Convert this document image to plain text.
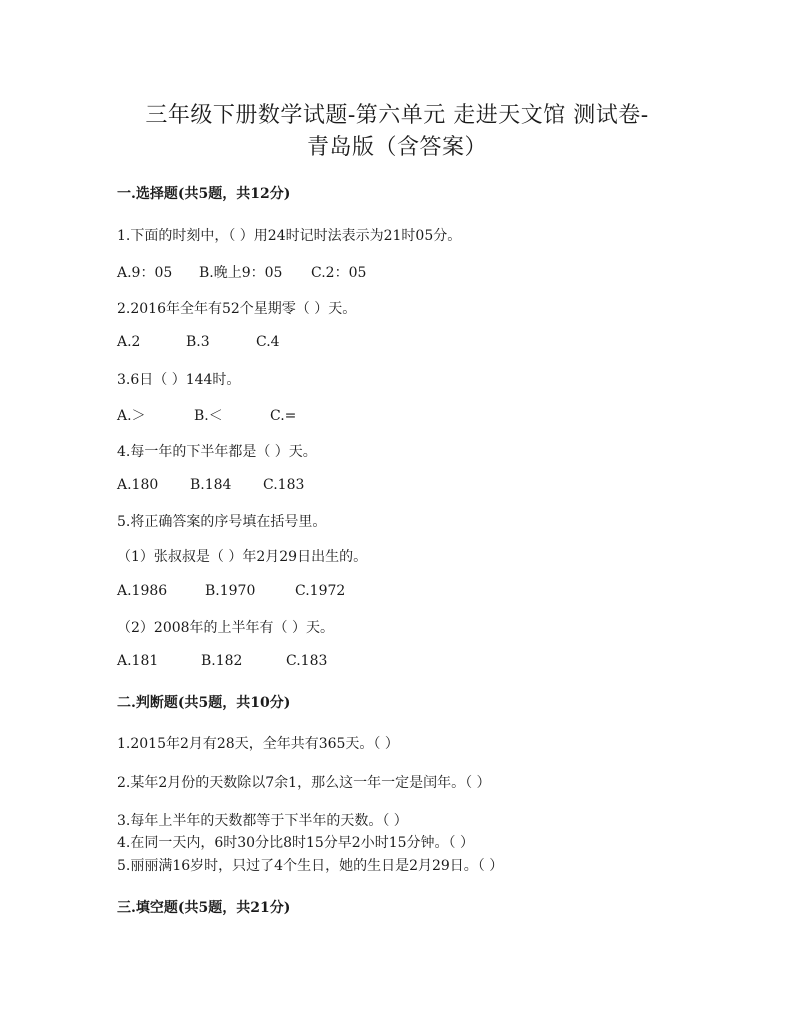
三年级下册数学试题-第六单元 走进天文馆 测试卷-
青岛版（含答案）
一.选择题(共5题，共12分)
1.下面的时刻中，（ ）用24时记时法表示为21时05分。
A.9：05 B.晚上9：05 C.2：05
2.2016年全年有52个星期零（ ）天。
A.2	B.3	C.4
3.6日（ ）144时。
A.＞	B.＜	C.=
4.每一年的下半年都是（ ）天。
A.180 B.184 C.183
5.将正确答案的序号填在括号里。
（1）张叔叔是（ ）年2月29日出生的。
A.1986	B.1970	C.1972
（2）2008年的上半年有（ ）天。
A.181	B.182	C.183
二.判断题(共5题，共10分)
1.2015年2月有28天，全年共有365天。（ ）
2.某年2月份的天数除以7余1，那么这一年一定是闰年。（ ）
3.每年上半年的天数都等于下半年的天数。（ ）
4.在同一天内，6时30分比8时15分早2小时15分钟。（ ）
5.丽丽满16岁时，只过了4个生日，她的生日是2月29日。（ ）
三.填空题(共5题，共21分)
